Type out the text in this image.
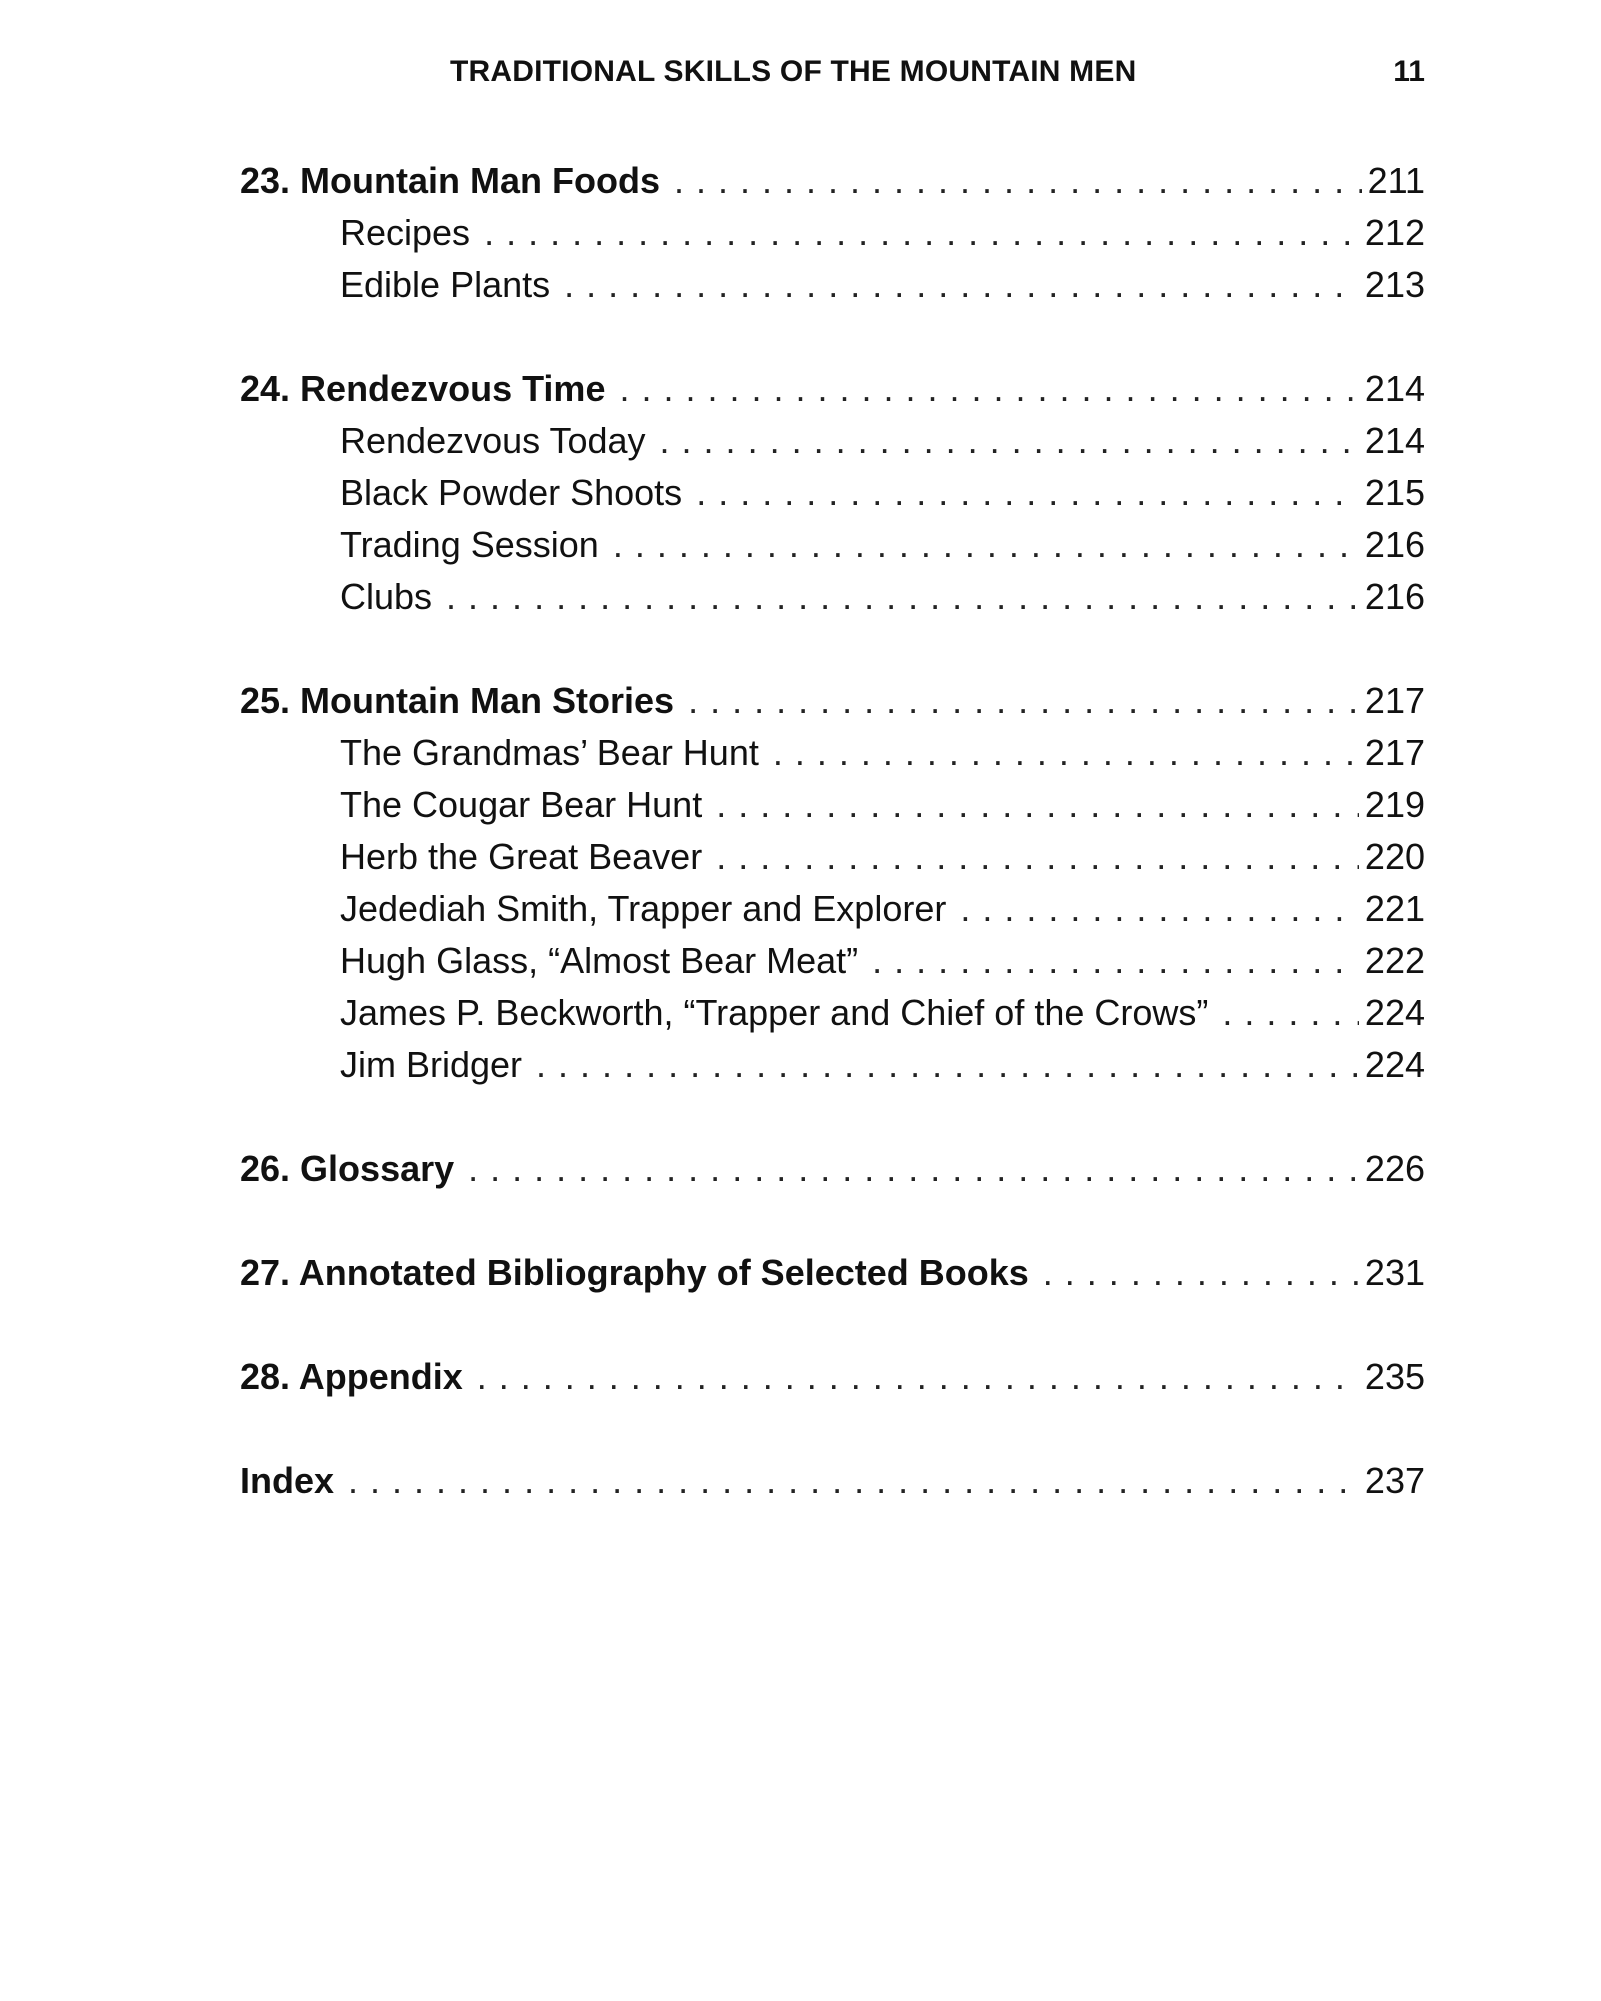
TRADITIONAL SKILLS OF THE MOUNTAIN MEN	11
23. Mountain Man Foods . . .	211
Recipes . . .	212
Edible Plants . . .	213
24. Rendezvous Time . . .	214
Rendezvous Today . . .	214
Black Powder Shoots . . .	215
Trading Session . . .	216
Clubs . . .	216
25. Mountain Man Stories . . .	217
The Grandmas’ Bear Hunt . . .	217
The Cougar Bear Hunt . . .	219
Herb the Great Beaver . . .	220
Jedediah Smith, Trapper and Explorer . . .	221
Hugh Glass, “Almost Bear Meat” . . .	222
James P. Beckworth, “Trapper and Chief of the Crows” . . .	224
Jim Bridger . . .	224
26. Glossary . . .	226
27. Annotated Bibliography of Selected Books . . .	231
28. Appendix . . .	235
Index . . .	237
